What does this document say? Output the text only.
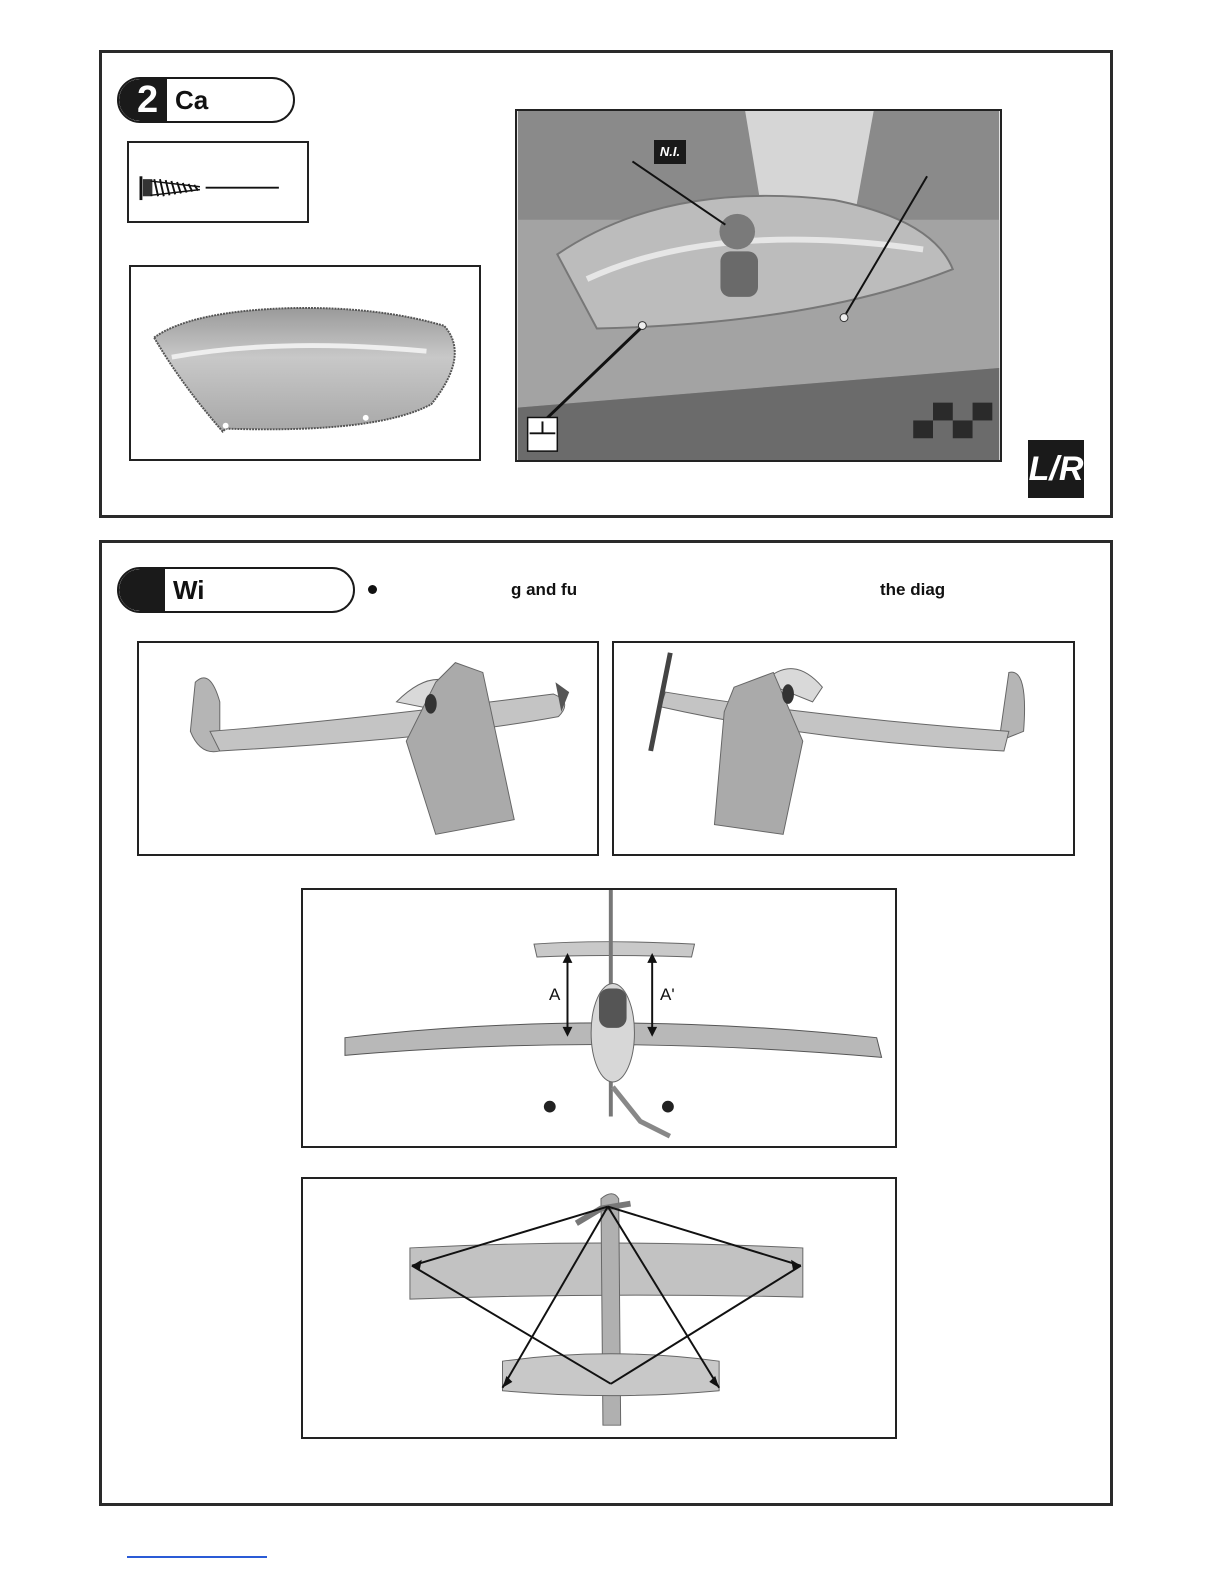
2 Ca
N.I.
L/R
Wi	g and fu	the diag
A	A'
